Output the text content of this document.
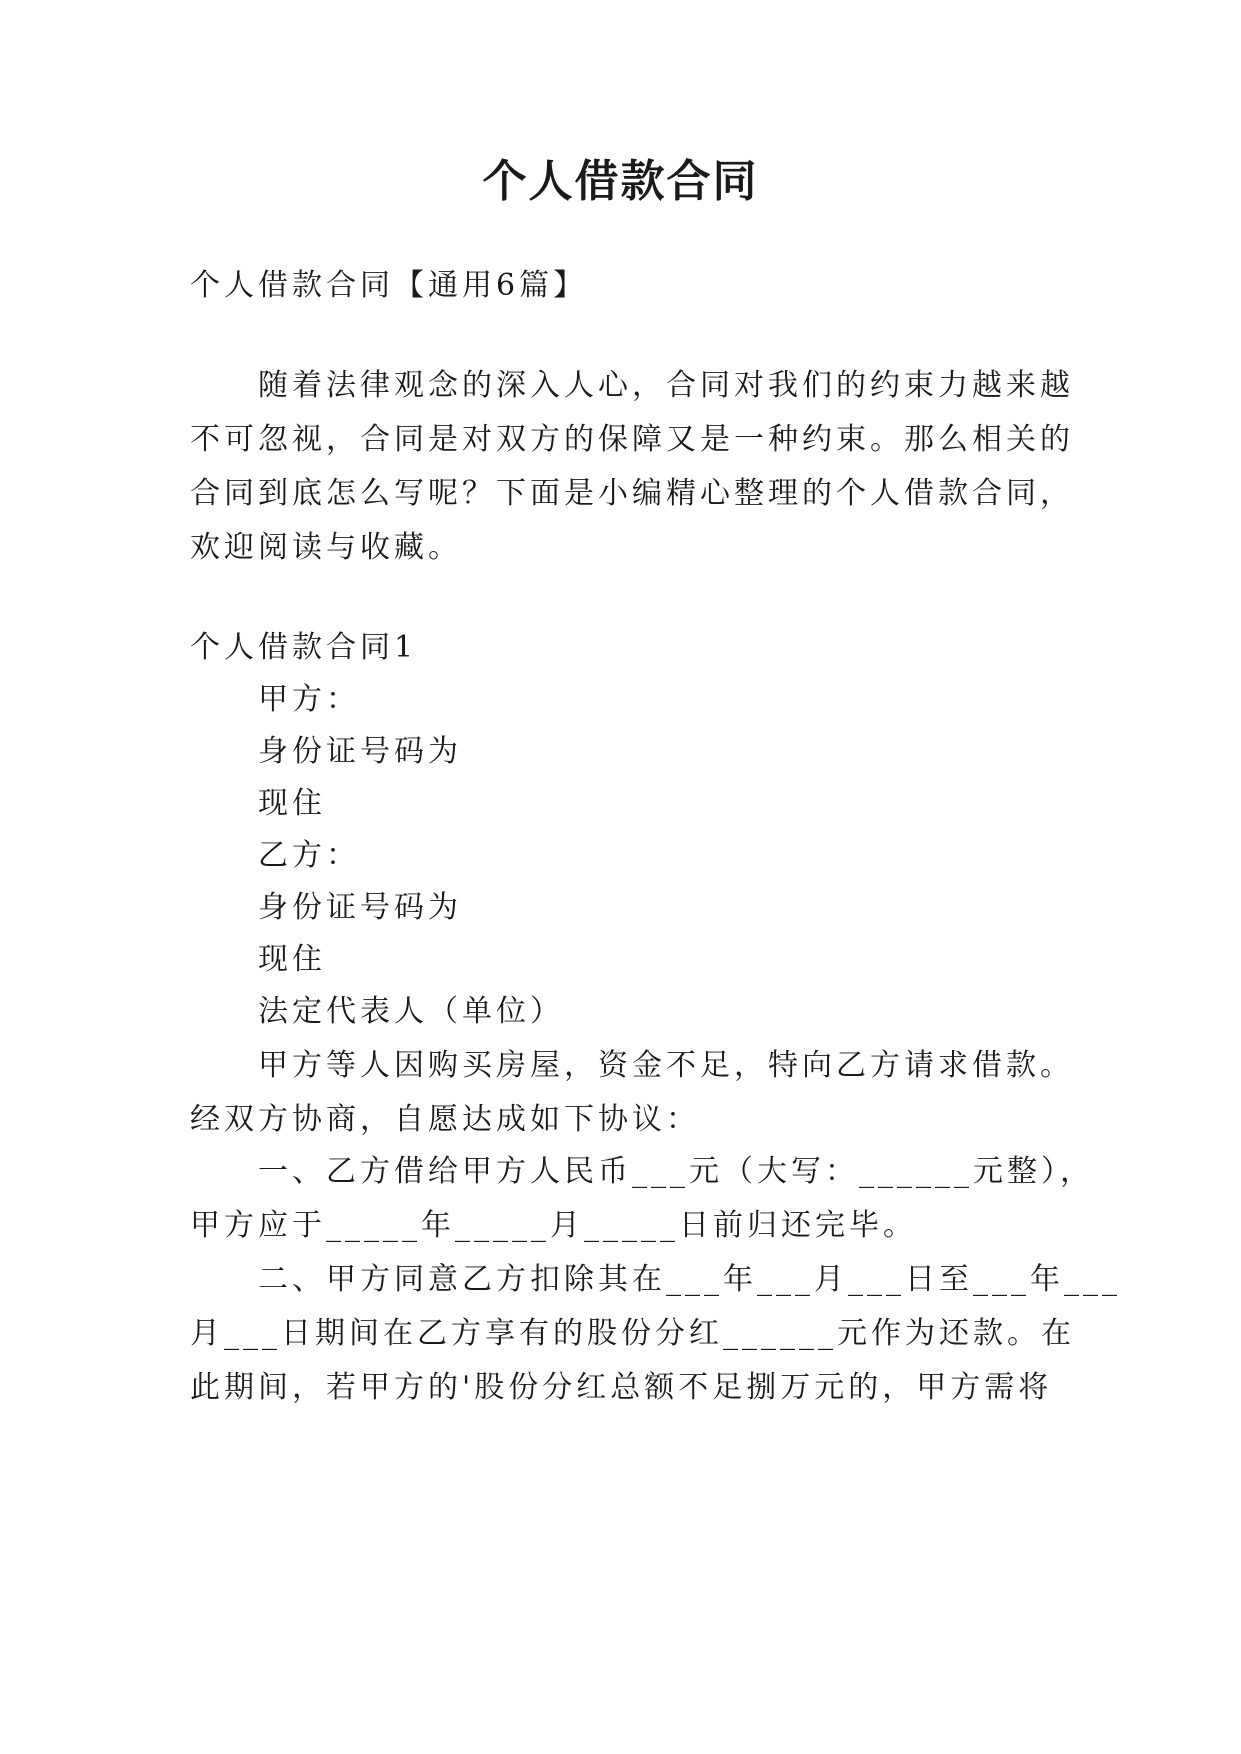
个人借款合同
个人借款合同【通用6篇】
随着法律观念的深入人心，合同对我们的约束力越来越
不可忽视，合同是对双方的保障又是一种约束。那么相关的
合同到底怎么写呢？下面是小编精心整理的个人借款合同，
欢迎阅读与收藏。
个人借款合同1
甲方：
身份证号码为
现住
乙方：
身份证号码为
现住
法定代表人（单位）
甲方等人因购买房屋，资金不足，特向乙方请求借款。
经双方协商，自愿达成如下协议：
一、乙方借给甲方人民币___元（大写：______元整），
甲方应于_____年_____月_____日前归还完毕。
二、甲方同意乙方扣除其在___年___月___日至___年___
月___日期间在乙方享有的股份分红______元作为还款。在
此期间，若甲方的'股份分红总额不足捌万元的，甲方需将
